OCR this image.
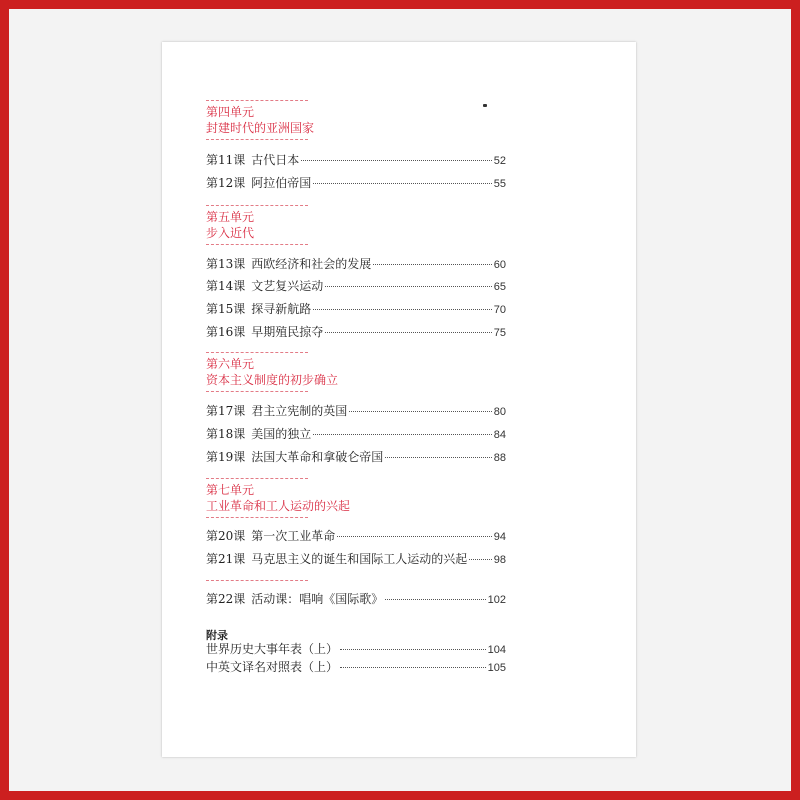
第四单元
封建时代的亚洲国家
第11课 古代日本	52
第12课 阿拉伯帝国	55
第五单元
步入近代
第13课 西欧经济和社会的发展	60
第14课 文艺复兴运动	65
第15课 探寻新航路	70
第16课 早期殖民掠夺	75
第六单元
资本主义制度的初步确立
第17课 君主立宪制的英国	80
第18课 美国的独立	84
第19课 法国大革命和拿破仑帝国	88
第七单元
工业革命和工人运动的兴起
第20课 第一次工业革命	94
第21课 马克思主义的诞生和国际工人运动的兴起 98
第22课 活动课：唱响《国际歌》	102
附录
世界历史大事年表（上）	104
中英文译名对照表（上）	105
